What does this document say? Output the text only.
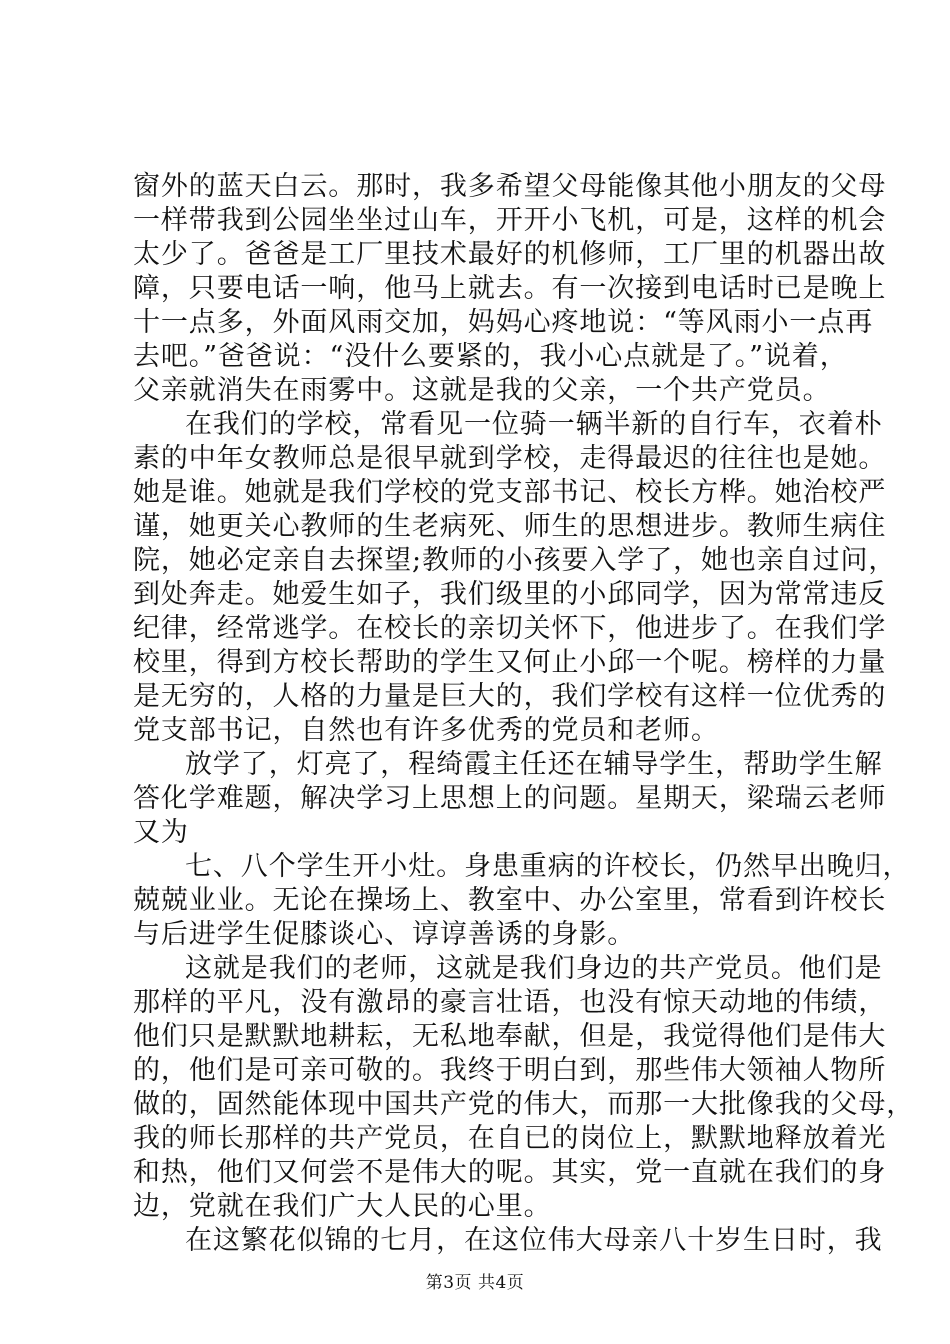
窗外的蓝天白云。那时，我多希望父母能像其他小朋友的父母
一样带我到公园坐坐过山车，开开小飞机，可是，这样的机会
太少了。爸爸是工厂里技术最好的机修师，工厂里的机器出故
障，只要电话一响，他马上就去。有一次接到电话时已是晚上
十一点多，外面风雨交加，妈妈心疼地说：“等风雨小一点再
去吧。”爸爸说：“没什么要紧的，我小心点就是了。”说着，
父亲就消失在雨雾中。这就是我的父亲，一个共产党员。
在我们的学校，常看见一位骑一辆半新的自行车，衣着朴
素的中年女教师总是很早就到学校，走得最迟的往往也是她。
她是谁。她就是我们学校的党支部书记、校长方桦。她治校严
谨，她更关心教师的生老病死、师生的思想进步。教师生病住
院，她必定亲自去探望;教师的小孩要入学了，她也亲自过问，
到处奔走。她爱生如子，我们级里的小邱同学，因为常常违反
纪律，经常逃学。在校长的亲切关怀下，他进步了。在我们学
校里，得到方校长帮助的学生又何止小邱一个呢。榜样的力量
是无穷的，人格的力量是巨大的，我们学校有这样一位优秀的
党支部书记，自然也有许多优秀的党员和老师。
放学了，灯亮了，程绮霞主任还在辅导学生，帮助学生解
答化学难题，解决学习上思想上的问题。星期天，梁瑞云老师
又为
七、八个学生开小灶。身患重病的许校长，仍然早出晚归，
兢兢业业。无论在操场上、教室中、办公室里，常看到许校长
与后进学生促膝谈心、谆谆善诱的身影。
这就是我们的老师，这就是我们身边的共产党员。他们是
那样的平凡，没有激昂的豪言壮语，也没有惊天动地的伟绩，
他们只是默默地耕耘，无私地奉献，但是，我觉得他们是伟大
的，他们是可亲可敬的。我终于明白到，那些伟大领袖人物所
做的，固然能体现中国共产党的伟大，而那一大批像我的父母，
我的师长那样的共产党员，在自已的岗位上，默默地释放着光
和热，他们又何尝不是伟大的呢。其实，党一直就在我们的身
边，党就在我们广大人民的心里。
在这繁花似锦的七月，在这位伟大母亲八十岁生日时，我
第3页 共4页
